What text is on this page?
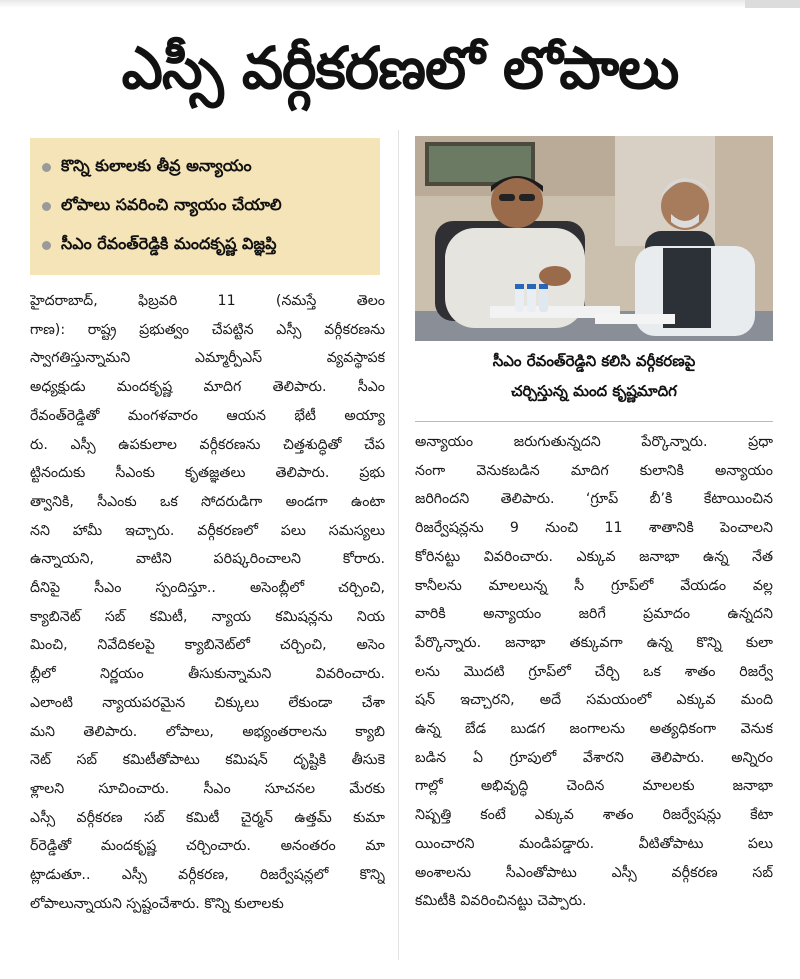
ఎస్సీ వర్గీకరణలో లోపాలు
కొన్ని కులాలకు తీవ్ర అన్యాయం
లోపాలు సవరించి న్యాయం చేయాలి
సీఎం రేవంత్‌రెడ్డికి మందకృష్ణ విజ్ఞప్తి
సీఎం రేవంత్‌రెడ్డిని కలిసి వర్గీకరణపై
చర్చిస్తున్న మంద కృష్ణమాదిగ
హైదరాబాద్‌, ఫిబ్రవరి 11 (నమస్తే తెలం
గాణ): రాష్ట్ర ప్రభుత్వం చేపట్టిన ఎస్సీ వర్గీకరణను
స్వాగతిస్తున్నామని ఎమ్మార్పీఎస్‌ వ్యవస్థాపక
అధ్యక్షుడు మందకృష్ణ మాదిగ తెలిపారు. సీఎం
రేవంత్‌రెడ్డితో మంగళవారం ఆయన భేటీ అయ్యా
రు. ఎస్సీ ఉపకులాల వర్గీకరణను చిత్తశుద్ధితో చేప
ట్టినందుకు సీఎంకు కృతజ్ఞతలు తెలిపారు. ప్రభు
త్వానికి, సీఎంకు ఒక సోదరుడిగా అండగా ఉంటా
నని హామీ ఇచ్చారు. వర్గీకరణలో పలు సమస్యలు
ఉన్నాయని, వాటిని పరిష్కరించాలని కోరారు.
దీనిపై సీఎం స్పందిస్తూ.. అసెంబ్లీలో చర్చించి,
క్యాబినెట్‌ సబ్‌ కమిటీ, న్యాయ కమిషన్లను నియ
మించి, నివేదికలపై క్యాబినెట్‌లో చర్చించి, అసెం
బ్లీలో నిర్ణయం తీసుకున్నామని వివరించారు.
ఎలాంటి న్యాయపరమైన చిక్కులు లేకుండా చేశా
మని తెలిపారు. లోపాలు, అభ్యంతరాలను క్యాబి
నెట్‌ సబ్‌ కమిటీతోపాటు కమిషన్‌ దృష్టికి తీసుకె
ళ్లాలని సూచించారు. సీఎం సూచనల మేరకు
ఎస్సీ వర్గీకరణ సబ్‌ కమిటీ చైర్మన్‌ ఉత్తమ్‌ కుమా
ర్‌రెడ్డితో మందకృష్ణ చర్చించారు. అనంతరం మా
ట్లాడుతూ.. ఎస్సీ వర్గీకరణ, రిజర్వేషన్లలో కొన్ని
లోపాలున్నాయని స్పష్టంచేశారు. కొన్ని కులాలకు
అన్యాయం జరుగుతున్నదని పేర్కొన్నారు. ప్రధా
నంగా వెనుకబడిన మాదిగ కులానికి అన్యాయం
జరిగిందని తెలిపారు. ‘గ్రూప్‌ బీ’కి కేటాయించిన
రిజర్వేషన్లను 9 నుంచి 11 శాతానికి పెంచాలని
కోరినట్టు వివరించారు. ఎక్కువ జనాభా ఉన్న నేత
కానీలను మాలలున్న సీ గ్రూప్‌లో వేయడం వల్ల
వారికి అన్యాయం జరిగే ప్రమాదం ఉన్నదని
పేర్కొన్నారు. జనాభా తక్కువగా ఉన్న కొన్ని కులా
లను మొదటి గ్రూప్‌లో చేర్చి ఒక శాతం రిజర్వే
షన్‌ ఇచ్చారని, అదే సమయంలో ఎక్కువ మంది
ఉన్న బేడ బుడగ జంగాలను అత్యధికంగా వెనుక
బడిన ఏ గ్రూపులో వేశారని తెలిపారు. అన్నిరం
గాల్లో అభివృద్ధి చెందిన మాలలకు జనాభా
నిష్పత్తి కంటే ఎక్కువ శాతం రిజర్వేషన్లు కేటా
యించారని మండిపడ్డారు. వీటితోపాటు పలు
అంశాలను సీఎంతోపాటు ఎస్సీ వర్గీకరణ సబ్‌
కమిటీకి వివరించినట్టు చెప్పారు.
